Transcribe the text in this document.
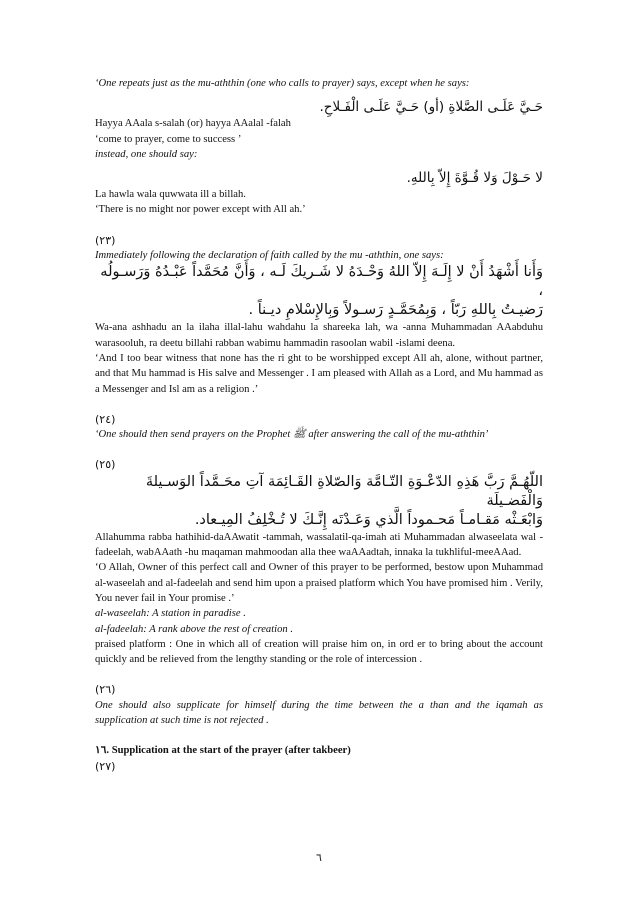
‘One repeats just as the mu-aththin (one who calls to prayer) says, except when he says:

حَـيَّ عَلَـى الصَّلاةِ (أو) حَـيَّ عَلَـى الْفَـلاحِ.

Hayya AAala s-salah (or) hayya AAalal -falah

‘come to prayer, come to success ’

instead, one should say:

لا حَـوْلَ وَلا قُـوَّةَ إِلاّ بِاللهِ.

La hawla wala quwwata ill a billah.

‘There is no might nor power except with All ah.’

(٢٣)

Immediately following the declaration of faith called by the mu -aththin, one says:

وَأَنا أَشْهَدُ أَنْ لا إِلَـهَ إِلاّ اللهُ وَحْـدَهُ لا شَـريكَ لَـه ، وَأَنَّ مُحَمَّداً عَبْـدُهُ وَرَسـولُه ،

رَضيـتُ بِاللهِ رَبّاً ، وَبِمُحَمَّـدٍ رَسـولاً وَبِالإِسْلامِ ديـناً .

Wa-ana ashhadu an la ilaha illal-lahu wahdahu la shareeka lah, wa -anna Muhammadan AAabduhu warasooluh, ra deetu billahi rabban wabimu hammadin rasoolan wabil -islami deena.

‘And I too bear witness that none has the ri ght to be worshipped except All ah, alone, without partner, and that Mu hammad is His salve and Messenger . I am pleased with Allah as a Lord, and Mu hammad as a Messenger and Isl am as a religion .’

(٢٤)

‘One should then send prayers on the Prophet ﷺ after answering the call of the mu-aththin’

(٢٥)

اللّهُـمَّ رَبَّ هَذِهِ الدّعْـوَةِ التّـامَّة وَالصّلاةِ القَـائِمَة آتِ محَـمَّداً الوَسـيلةَ وَالْفَضـيلَة

وَابْعَـثْه مَقـامـاً مَحـموداً الَّذي وَعَـدْتَه إِنَّـكَ لا تُـخْلِفُ المِيـعاد.

Allahumma rabba hathihid-daAAwatit -tammah, wassalatil-qa-imah ati Muhammadan alwaseelata wal -fadeelah, wabAAath -hu maqaman mahmoodan alla thee waAAadtah, innaka la tukhliful-meeAAad.

‘O Allah, Owner of this perfect call and Owner of this prayer to be performed, bestow upon Muhammad al-waseelah and al-fadeelah and send him upon a praised platform which You have promised him . Verily, You never fail in Your promise .’

al-waseelah: A station in paradise .

al-fadeelah: A rank above the rest of creation .

praised platform : One in which all of creation will praise him on, in ord er to bring about the account quickly and be relieved from the lengthy standing or the role of intercession .

(٢٦)

One should also supplicate for himself during the time between the a than and the iqamah as supplication at such time is not rejected .

١٦. Supplication at the start of the prayer (after takbeer)

(٢٧)

٦
